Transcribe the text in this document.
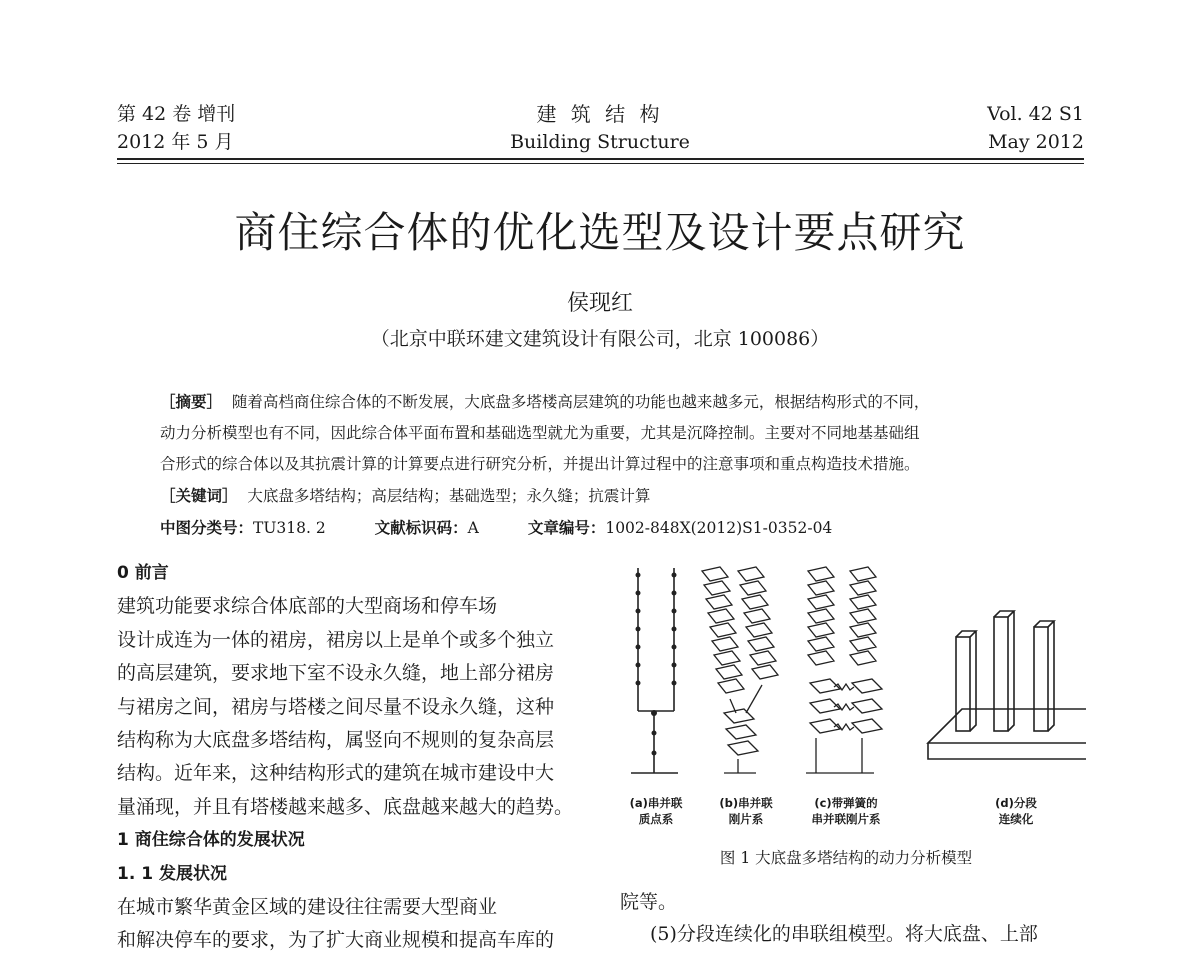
第 42 卷 增刊
2012 年 5 月
建 筑 结 构
Building Structure
Vol. 42 S1
May 2012
商住综合体的优化选型及设计要点研究
侯现红
（北京中联环建文建筑设计有限公司，北京 100086）

［摘要］ 随着高档商住综合体的不断发展，大底盘多塔楼高层建筑的功能也越来越多元，根据结构形式的不同，

动力分析模型也有不同，因此综合体平面布置和基础选型就尤为重要，尤其是沉降控制。主要对不同地基基础组

合形式的综合体以及其抗震计算的计算要点进行研究分析，并提出计算过程中的注意事项和重点构造技术措施。

［关键词］ 大底盘多塔结构；高层结构；基础选型；永久缝；抗震计算

中图分类号：TU318. 2	文献标识码：A	文章编号：1002-848X(2012)S1-0352-04

0 前言

建筑功能要求综合体底部的大型商场和停车场

设计成连为一体的裙房，裙房以上是单个或多个独立

的高层建筑，要求地下室不设永久缝，地上部分裙房

与裙房之间，裙房与塔楼之间尽量不设永久缝，这种

结构称为大底盘多塔结构，属竖向不规则的复杂高层

结构。近年来，这种结构形式的建筑在城市建设中大

量涌现，并且有塔楼越来越多、底盘越来越大的趋势。

1 商住综合体的发展状况

1. 1 发展状况

在城市繁华黄金区域的建设往往需要大型商业

和解决停车的要求，为了扩大商业规模和提高车库的

(a)串并联
质点系
(b)串并联
刚片系
(c)带弹簧的
串并联刚片系
(d)分段
连续化
图 1 大底盘多塔结构的动力分析模型
院等。
(5)分段连续化的串联组模型。将大底盘、上部
